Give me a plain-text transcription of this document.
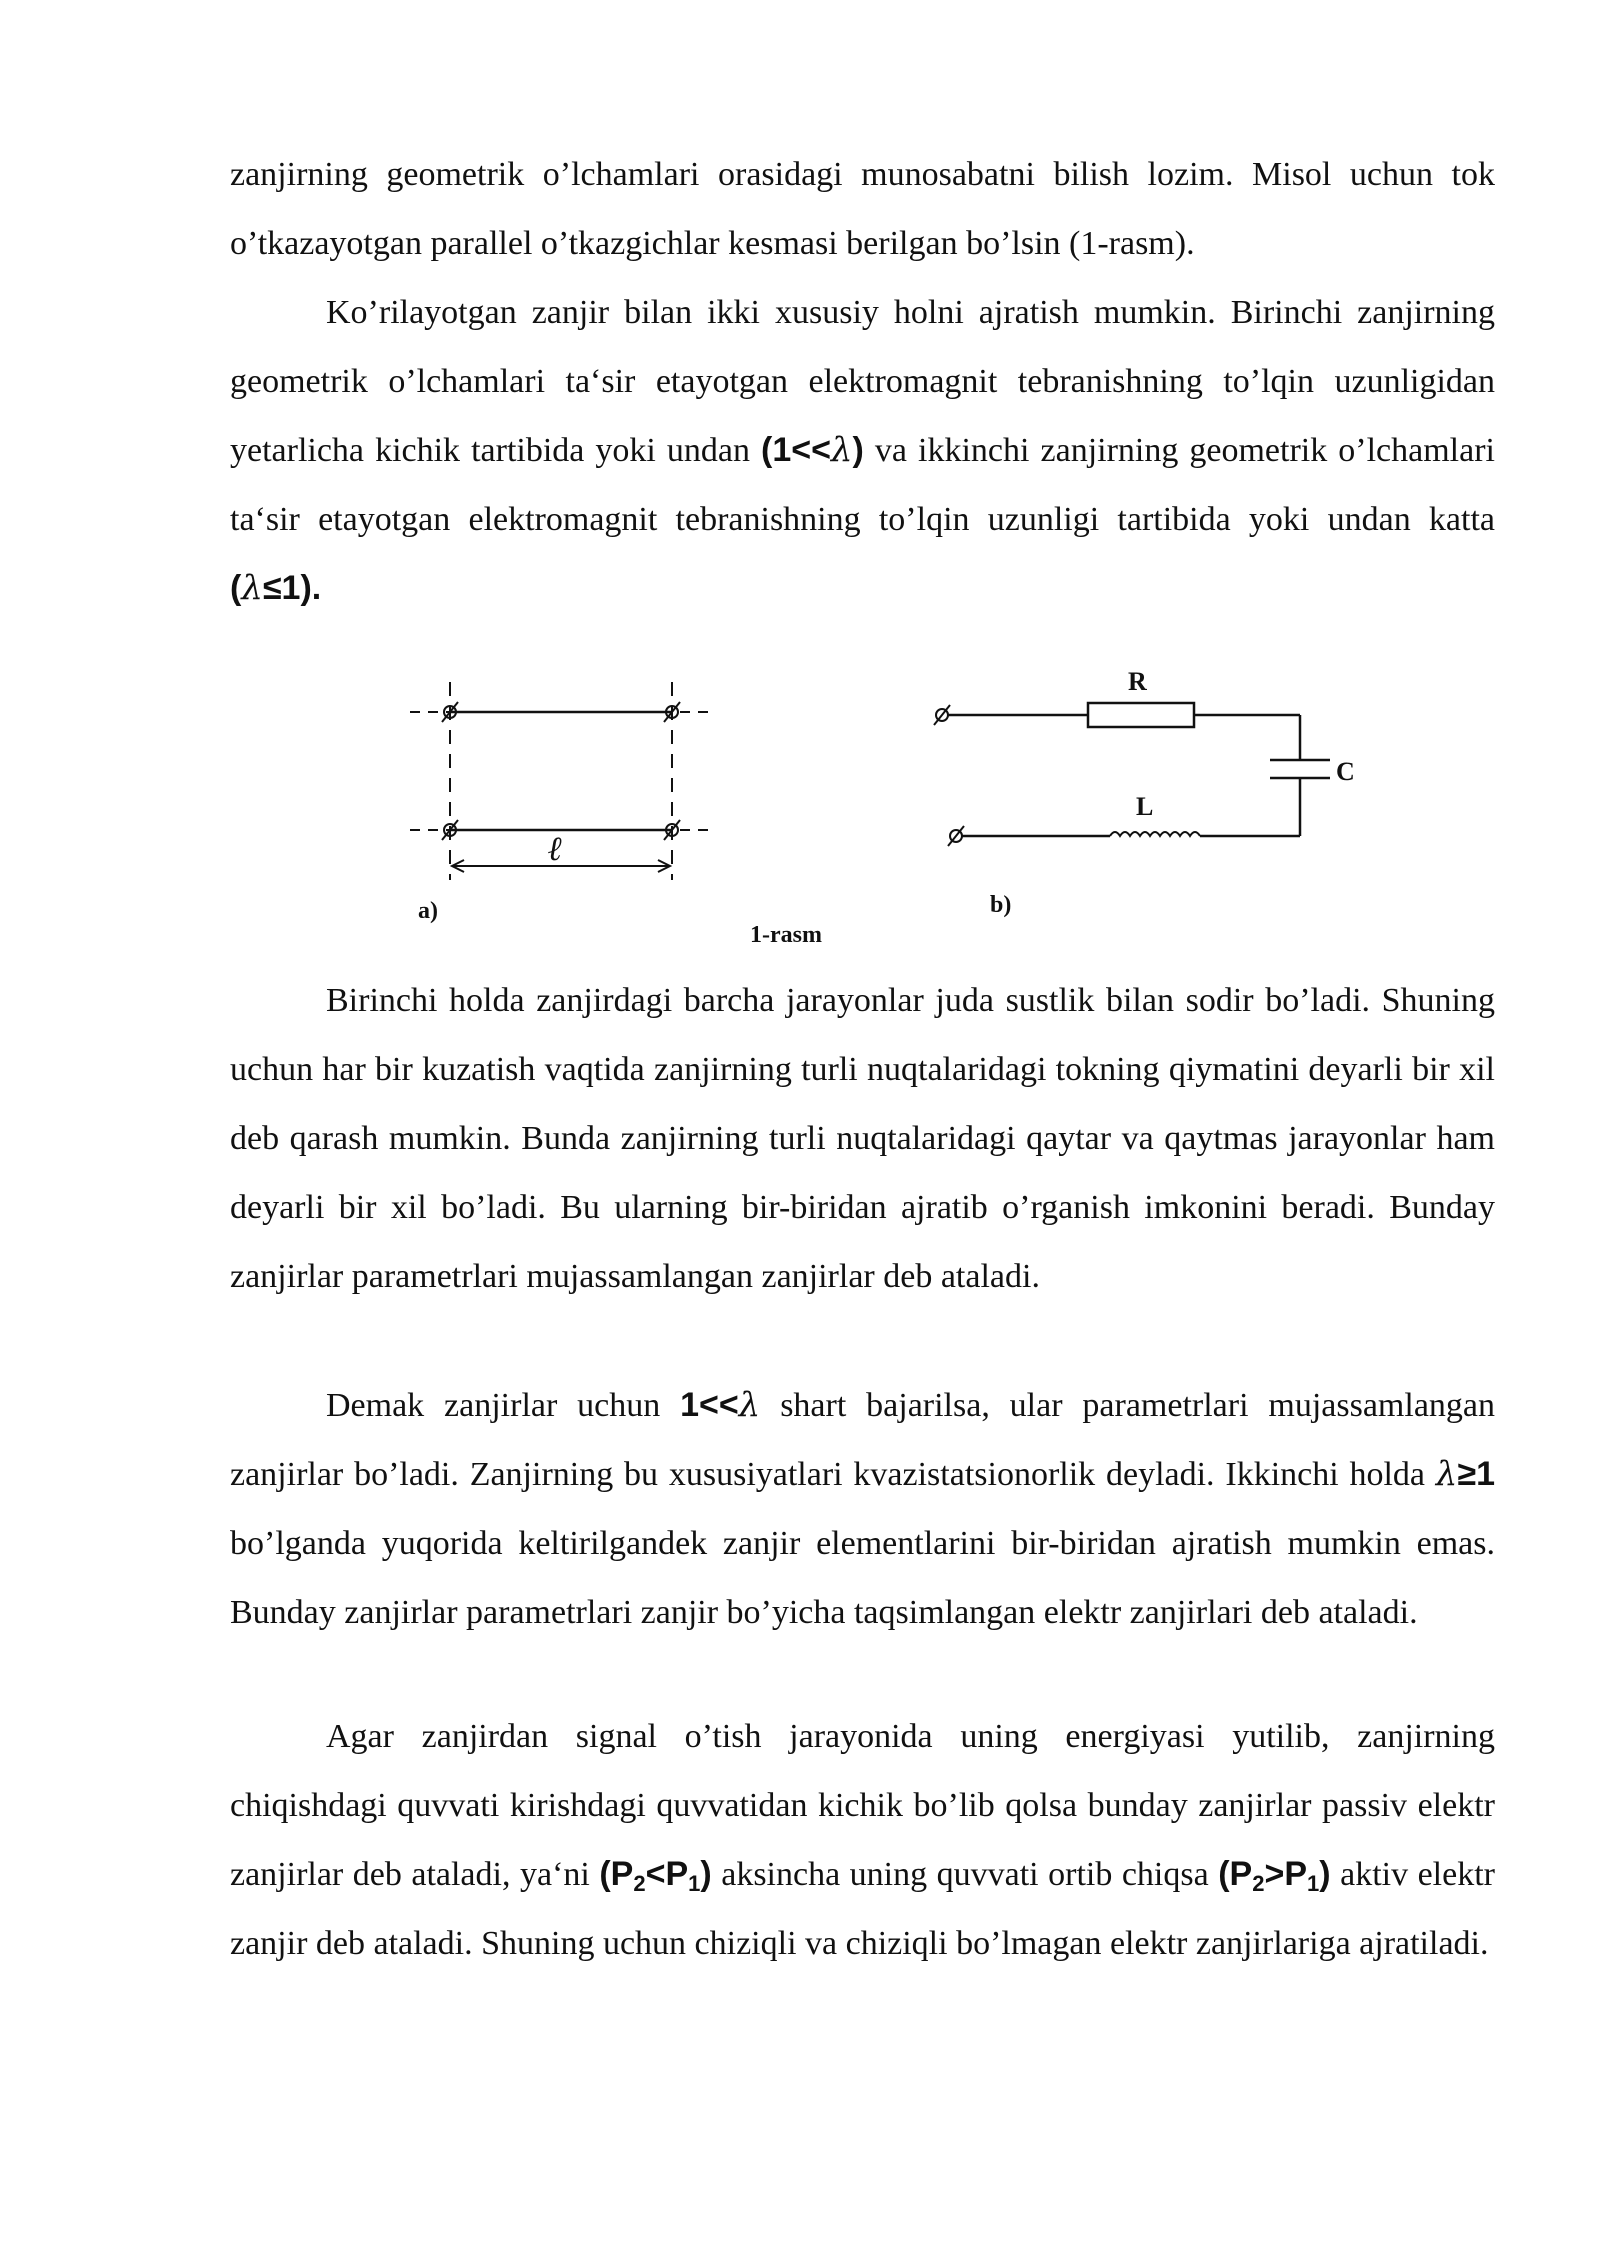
zanjirning geometrik o’lchamlari orasidagi munosabatni bilish lozim. Misol uchun tok o’tkazayotgan parallel o’tkazgichlar kesmasi berilgan bo’lsin (1-rasm).

Ko’rilayotgan zanjir bilan ikki xususiy holni ajratish mumkin. Birinchi zanjirning geometrik o’lchamlari ta‘sir etayotgan elektromagnit tebranishning to’lqin uzunligidan yetarlicha kichik tartibida yoki undan (1<<λ) va ikkinchi zanjirning geometrik o’lchamlari ta‘sir etayotgan elektromagnit tebranishning to’lqin uzunligi tartibida yoki undan katta (λ≤1).

ℓ
a)	b)
1-rasm
R
L
C

Birinchi holda zanjirdagi barcha jarayonlar juda sustlik bilan sodir bo’ladi. Shuning uchun har bir kuzatish vaqtida zanjirning turli nuqtalaridagi tokning qiymatini deyarli bir xil deb qarash mumkin. Bunda zanjirning turli nuqtalaridagi qaytar va qaytmas jarayonlar ham deyarli bir xil bo’ladi. Bu ularning bir-biridan ajratib o’rganish imkonini beradi. Bunday zanjirlar parametrlari mujassamlangan zanjirlar deb ataladi.

Demak zanjirlar uchun 1<<λ shart bajarilsa, ular parametrlari mujassamlangan zanjirlar bo’ladi. Zanjirning bu xususiyatlari kvazistatsionorlik deyladi. Ikkinchi holda λ≥1 bo’lganda yuqorida keltirilgandek zanjir elementlarini bir-biridan ajratish mumkin emas. Bunday zanjirlar parametrlari zanjir bo’yicha taqsimlangan elektr zanjirlari deb ataladi.

Agar zanjirdan signal o’tish jarayonida uning energiyasi yutilib, zanjirning chiqishdagi quvvati kirishdagi quvvatidan kichik bo’lib qolsa bunday zanjirlar passiv elektr zanjirlar deb ataladi, ya‘ni $(P_2<P_1)$ aksincha uning quvvati ortib chiqsa $(P_2>P_1)$ aktiv elektr zanjir deb ataladi. Shuning uchun chiziqli va chiziqli bo’lmagan elektr zanjirlariga ajratiladi.
